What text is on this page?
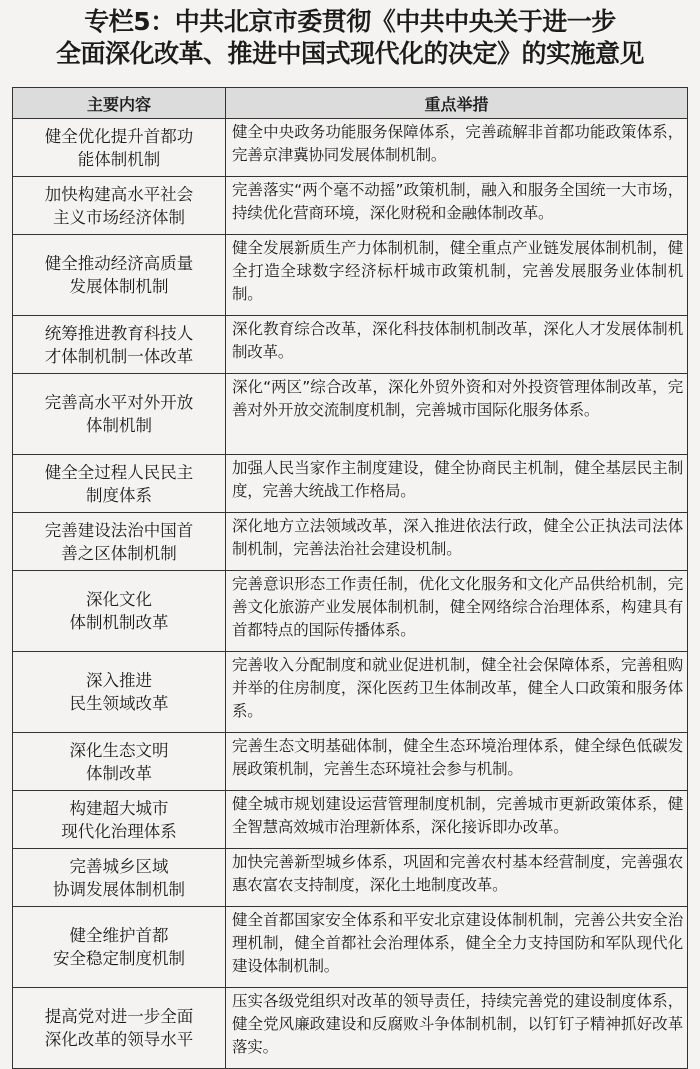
专栏5：中共北京市委贯彻《中共中央关于进一步
全面深化改革、推进中国式现代化的决定》的实施意见
主要内容	重点举措
健全优化提升首都功
能体制机制	健全中央政务功能服务保障体系，完善疏解非首都功能政策体系，完善京津冀协同发展体制机制。
加快构建高水平社会
主义市场经济体制	完善落实“两个毫不动摇”政策机制，融入和服务全国统一大市场，持续优化营商环境，深化财税和金融体制改革。
健全推动经济高质量
发展体制机制	健全发展新质生产力体制机制，健全重点产业链发展体制机制，健全打造全球数字经济标杆城市政策机制，完善发展服务业体制机制。
统筹推进教育科技人
才体制机制一体改革	深化教育综合改革，深化科技体制机制改革，深化人才发展体制机制改革。
完善高水平对外开放
体制机制	深化“两区”综合改革，深化外贸外资和对外投资管理体制改革，完善对外开放交流制度机制，完善城市国际化服务体系。
健全全过程人民民主
制度体系	加强人民当家作主制度建设，健全协商民主机制，健全基层民主制度，完善大统战工作格局。
完善建设法治中国首
善之区体制机制	深化地方立法领域改革，深入推进依法行政，健全公正执法司法体制机制，完善法治社会建设机制。
深化文化
体制机制改革	完善意识形态工作责任制，优化文化服务和文化产品供给机制，完善文化旅游产业发展体制机制，健全网络综合治理体系，构建具有首都特点的国际传播体系。
深入推进
民生领域改革	完善收入分配制度和就业促进机制，健全社会保障体系，完善租购并举的住房制度，深化医药卫生体制改革，健全人口政策和服务体系。
深化生态文明
体制改革	完善生态文明基础体制，健全生态环境治理体系，健全绿色低碳发展政策机制，完善生态环境社会参与机制。
构建超大城市
现代化治理体系	健全城市规划建设运营管理制度机制，完善城市更新政策体系，健全智慧高效城市治理新体系，深化接诉即办改革。
完善城乡区域
协调发展体制机制	加快完善新型城乡体系，巩固和完善农村基本经营制度，完善强农惠农富农支持制度，深化土地制度改革。
健全维护首都
安全稳定制度机制	健全首都国家安全体系和平安北京建设体制机制，完善公共安全治理机制，健全首都社会治理体系，健全全力支持国防和军队现代化建设体制机制。
提高党对进一步全面
深化改革的领导水平	压实各级党组织对改革的领导责任，持续完善党的建设制度体系，健全党风廉政建设和反腐败斗争体制机制，以钉钉子精神抓好改革落实。
